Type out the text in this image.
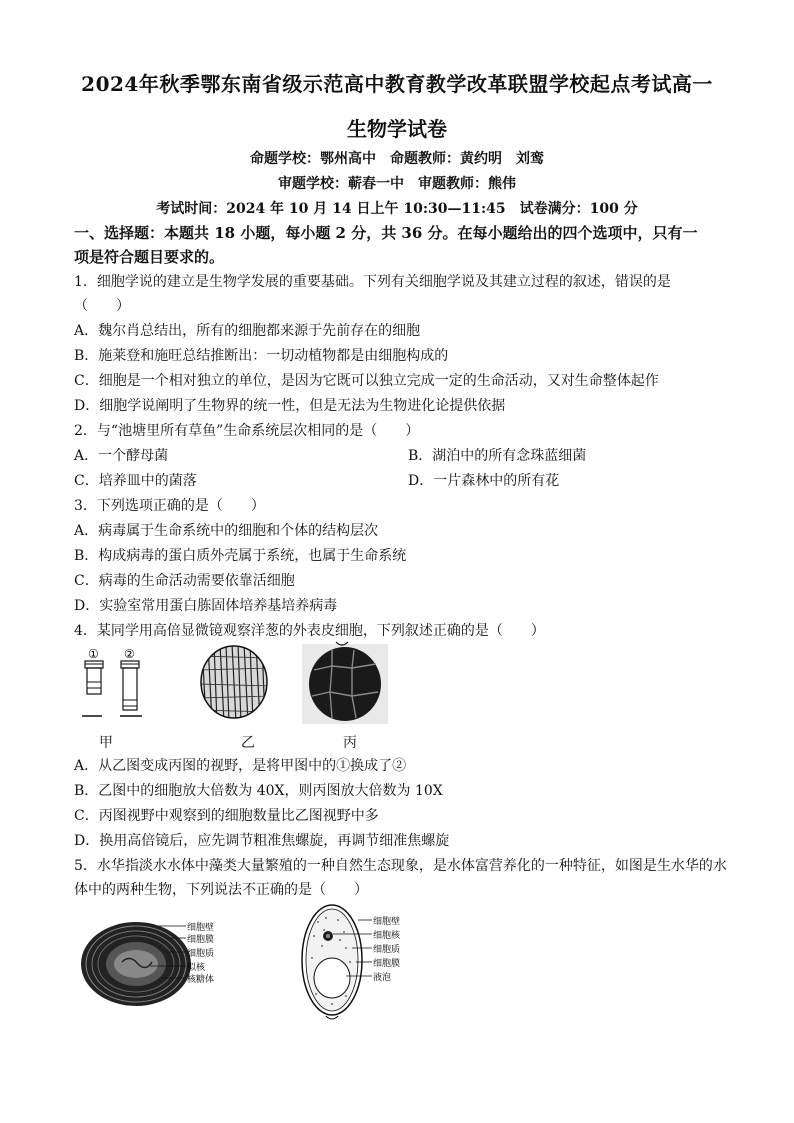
2024年秋季鄂东南省级示范高中教育教学改革联盟学校起点考试高一
生物学试卷
命题学校：鄂州高中　命题教师：黄约明　刘鸾
审题学校：蕲春一中　审题教师：熊伟
考试时间：2024 年 10 月 14 日上午 10:30—11:45　试卷满分：100 分
一、选择题：本题共 18 小题，每小题 2 分，共 36 分。在每小题给出的四个选项中，只有一
项是符合题目要求的。
1．细胞学说的建立是生物学发展的重要基础。下列有关细胞学说及其建立过程的叙述，错误的是
（　　）
A．魏尔肖总结出，所有的细胞都来源于先前存在的细胞
B．施莱登和施旺总结推断出：一切动植物都是由细胞构成的
C．细胞是一个相对独立的单位，是因为它既可以独立完成一定的生命活动，又对生命整体起作
D．细胞学说阐明了生物界的统一性，但是无法为生物进化论提供依据
2．与“池塘里所有草鱼”生命系统层次相同的是（　　）
A．一个酵母菌	B．湖泊中的所有念珠蓝细菌
C．培养皿中的菌落	D．一片森林中的所有花
3．下列选项正确的是（　　）
A．病毒属于生命系统中的细胞和个体的结构层次
B．构成病毒的蛋白质外壳属于系统，也属于生命系统
C．病毒的生命活动需要依靠活细胞
D．实验室常用蛋白胨固体培养基培养病毒
4．某同学用高倍显微镜观察洋葱的外表皮细胞，下列叙述正确的是（　　）
① ②
甲	乙	丙
A．从乙图变成丙图的视野，是将甲图中的①换成了②
B．乙图中的细胞放大倍数为 40X，则丙图放大倍数为 10X
C．丙图视野中观察到的细胞数量比乙图视野中多
D．换用高倍镜后，应先调节粗准焦螺旋，再调节细准焦螺旋
5．水华指淡水水体中藻类大量繁殖的一种自然生态现象，是水体富营养化的一种特征，如图是生水华的水
体中的两种生物，下列说法不正确的是（　　）
细胞壁
细胞膜
细胞质
拟核
核糖体
细胞壁
细胞核
细胞质
细胞膜
液泡
